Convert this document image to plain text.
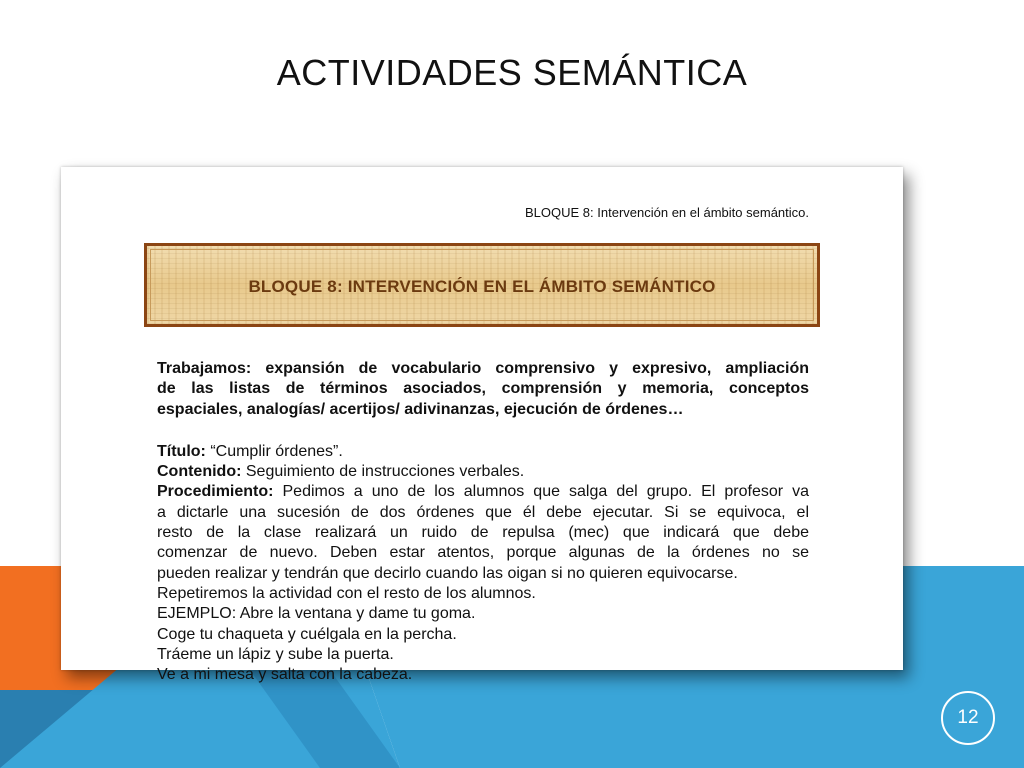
ACTIVIDADES SEMÁNTICA
BLOQUE 8: Intervención en el ámbito semántico.
BLOQUE 8: INTERVENCIÓN EN EL ÁMBITO SEMÁNTICO
Trabajamos: expansión de vocabulario comprensivo y expresivo, ampliación
de las listas de términos asociados, comprensión y memoria, conceptos
espaciales, analogías/ acertijos/ adivinanzas, ejecución de órdenes…
Título: “Cumplir órdenes”.
Contenido: Seguimiento de instrucciones verbales.
Procedimiento: Pedimos a uno de los alumnos que salga del grupo. El profesor va
a dictarle una sucesión de dos órdenes que él debe ejecutar. Si se equivoca, el
resto de la clase realizará un ruido de repulsa (mec) que indicará que debe
comenzar de nuevo. Deben estar atentos, porque algunas de la órdenes no se
pueden realizar y tendrán que decirlo cuando las oigan si no quieren equivocarse.
Repetiremos la actividad con el resto de los alumnos.
EJEMPLO: Abre la ventana y dame tu goma.
Coge tu chaqueta y cuélgala en la percha.
Tráeme un lápiz y sube la puerta.
Ve a mi mesa y salta con la cabeza.
12
